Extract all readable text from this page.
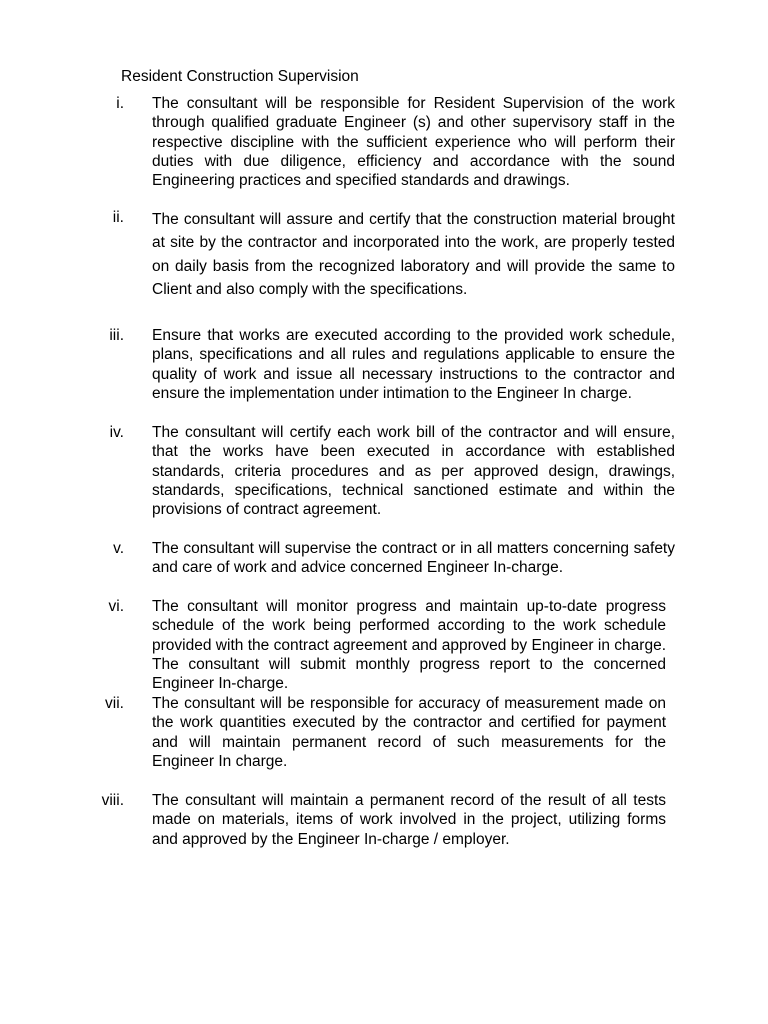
Resident Construction Supervision
i. The consultant will be responsible for Resident Supervision of the work through qualified graduate Engineer (s) and other supervisory staff in the respective discipline with the sufficient experience who will perform their duties with due diligence, efficiency and accordance with the sound Engineering practices and specified standards and drawings.

ii. The consultant will assure and certify that the construction material brought at site by the contractor and incorporated into the work, are properly tested on daily basis from the recognized laboratory and will provide the same to Client and also comply with the specifications.

iii. Ensure that works are executed according to the provided work schedule, plans, specifications and all rules and regulations applicable to ensure the quality of work and issue all necessary instructions to the contractor and ensure the implementation under intimation to the Engineer In charge.

iv. The consultant will certify each work bill of the contractor and will ensure, that the works have been executed in accordance with established standards, criteria procedures and as per approved design, drawings, standards, specifications, technical sanctioned estimate and within the provisions of contract agreement.

v. The consultant will supervise the contract or in all matters concerning safety and care of work and advice concerned Engineer In-charge.

vi. The consultant will monitor progress and maintain up-to-date progress schedule of the work being performed according to the work schedule provided with the contract agreement and approved by Engineer in charge. The consultant will submit monthly progress report to the concerned Engineer In-charge.

vii. The consultant will be responsible for accuracy of measurement made on the work quantities executed by the contractor and certified for payment and will maintain permanent record of such measurements for the Engineer In charge.

viii. The consultant will maintain a permanent record of the result of all tests made on materials, items of work involved in the project, utilizing forms and approved by the Engineer In-charge / employer.
